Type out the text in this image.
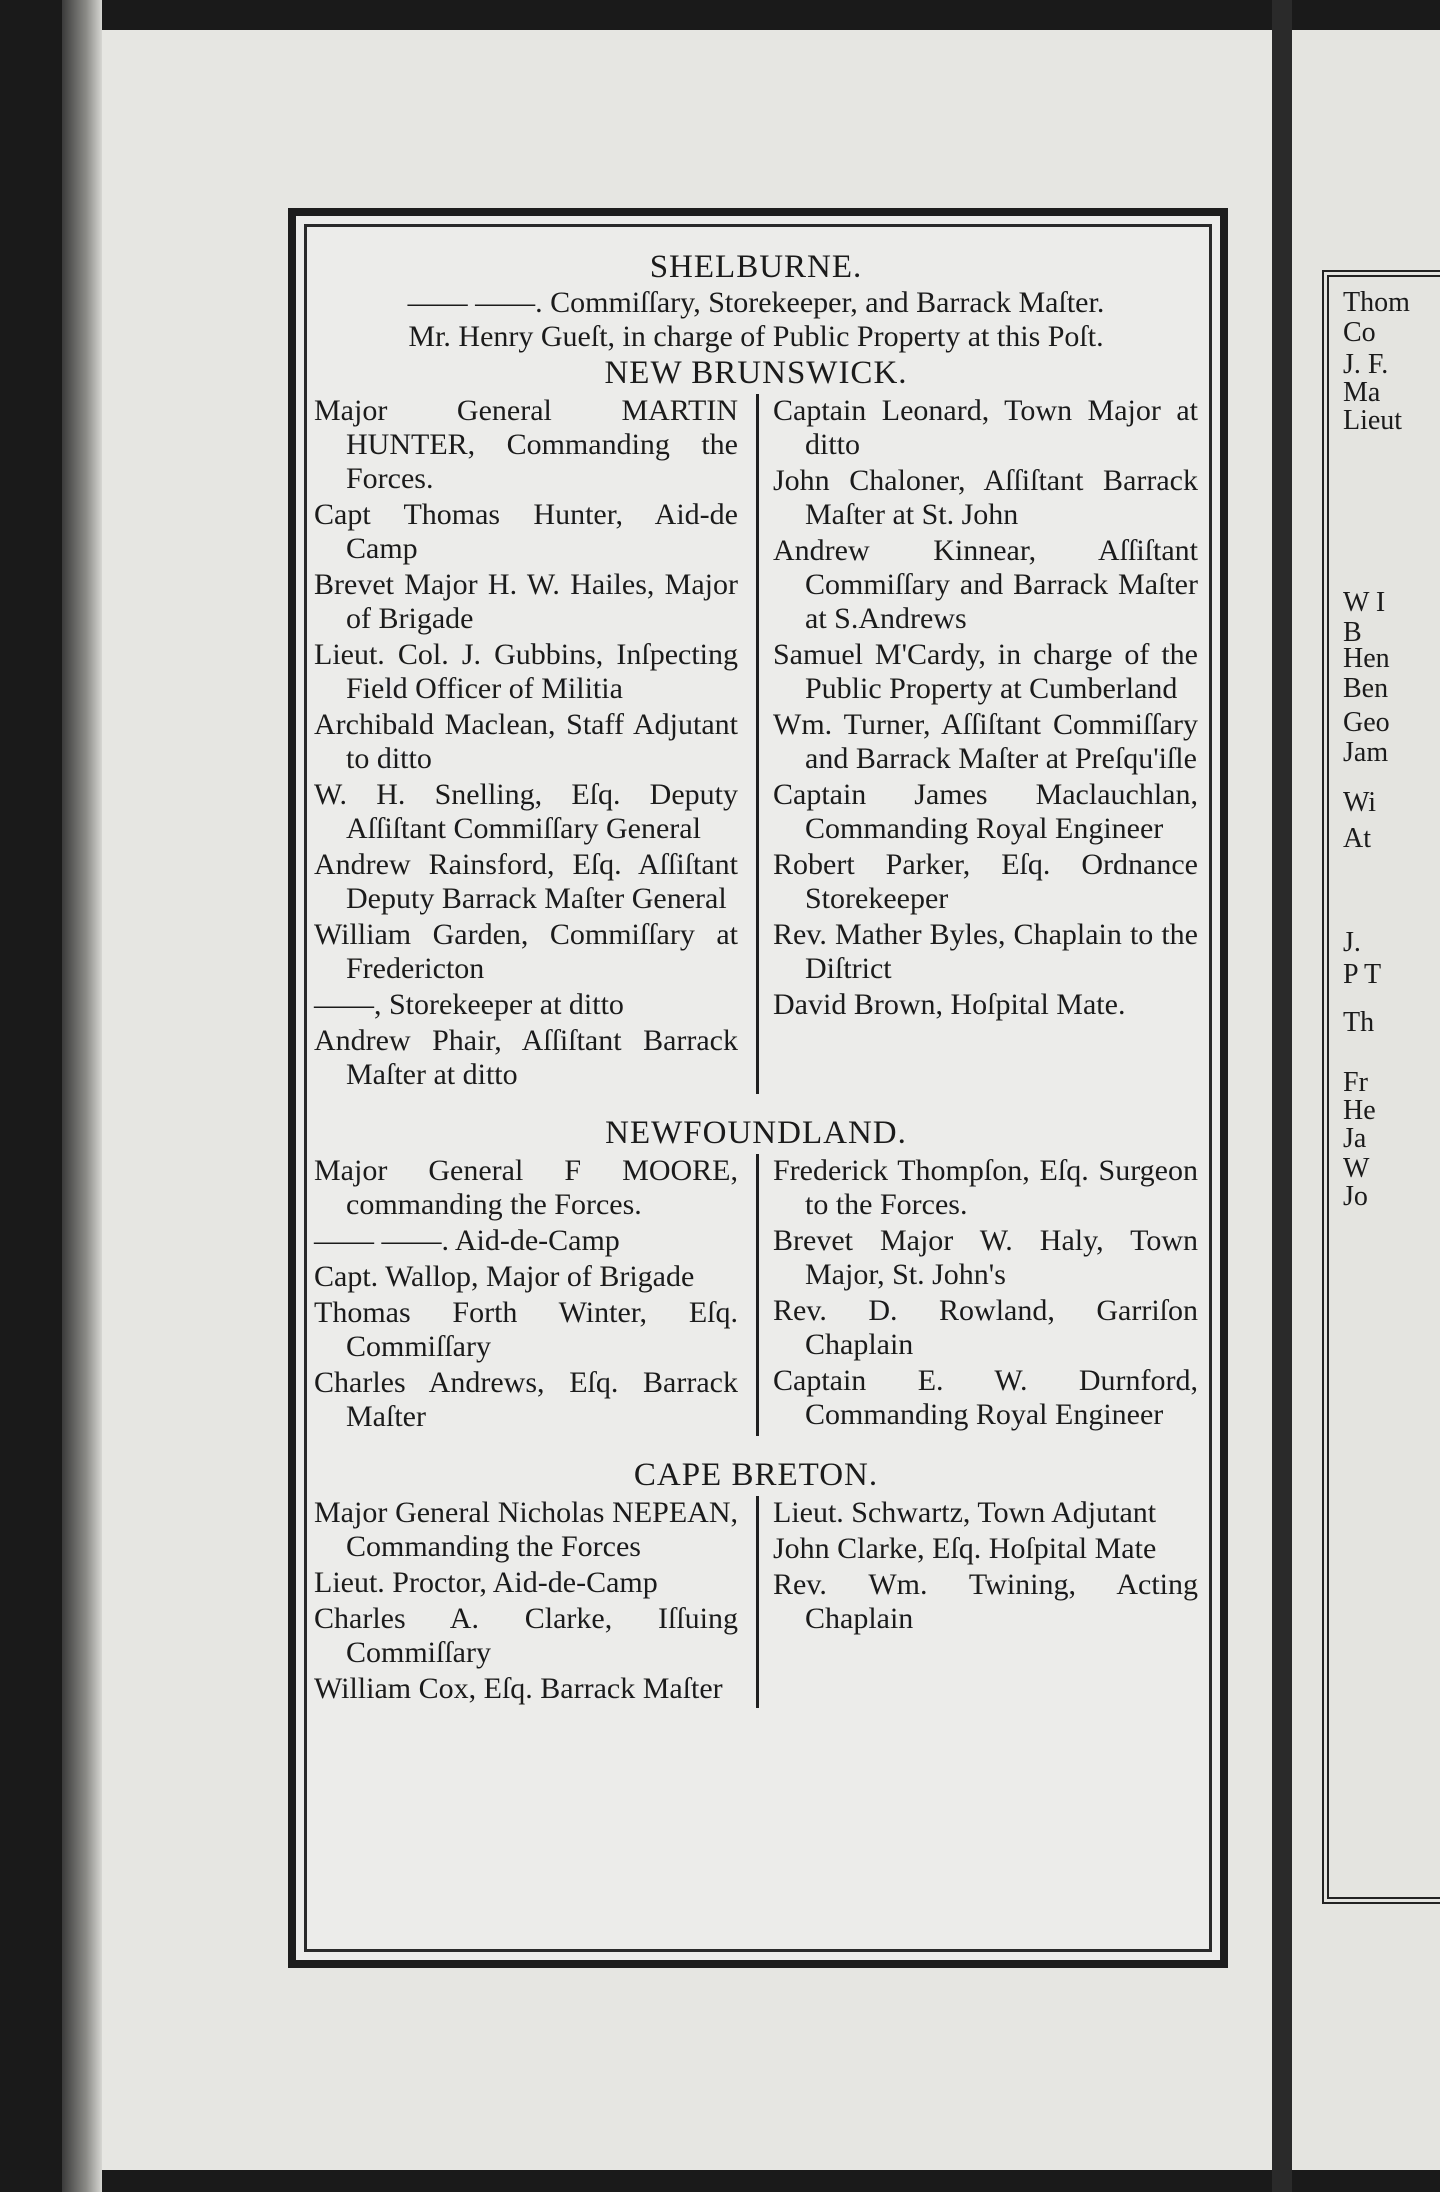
Thom
Co
J. F.
Ma
Lieut
W I
B
Hen
Ben
Geo
Jam
Wi
At
J.
P T
Th
Fr
He
Ja
W
Jo

SHELBURNE.

—— ——. Commiſſary, Storekeeper, and Barrack Maſter.

Mr. Henry Gueſt, in charge of Public Property at this Poſt.

NEW BRUNSWICK.

Major General MARTIN HUNTER, Commanding the Forces.

Capt Thomas Hunter, Aid-de Camp

Brevet Major H. W. Hailes, Major of Brigade

Lieut. Col. J. Gubbins, Inſpecting Field Officer of Militia

Archibald Maclean, Staff Adjutant to ditto

W. H. Snelling, Eſq. Deputy Aſſiſtant Commiſſary General

Andrew Rainsford, Eſq. Aſſiſtant Deputy Barrack Maſter General

William Garden, Commiſſary at Fredericton

——, Storekeeper at ditto

Andrew Phair, Aſſiſtant Barrack Maſter at ditto

Captain Leonard, Town Major at ditto

John Chaloner, Aſſiſtant Barrack Maſter at St. John

Andrew Kinnear, Aſſiſtant Commiſſary and Barrack Maſter at S.Andrews

Samuel M'Cardy, in charge of the Public Property at Cumberland

Wm. Turner, Aſſiſtant Commiſſary and Barrack Maſter at Preſqu'iſle

Captain James Maclauchlan, Commanding Royal Engineer

Robert Parker, Eſq. Ordnance Storekeeper

Rev. Mather Byles, Chaplain to the Diſtrict

David Brown, Hoſpital Mate.

NEWFOUNDLAND.

Major General F MOORE, commanding the Forces.

—— ——. Aid-de-Camp

Capt. Wallop, Major of Brigade

Thomas Forth Winter, Eſq. Commiſſary

Charles Andrews, Eſq. Barrack Maſter

Frederick Thompſon, Eſq. Surgeon to the Forces.

Brevet Major W. Haly, Town Major, St. John's

Rev. D. Rowland, Garriſon Chaplain

Captain E. W. Durnford, Commanding Royal Engineer

CAPE BRETON.

Major General Nicholas NEPEAN, Commanding the Forces

Lieut. Proctor, Aid-de-Camp

Charles A. Clarke, Iſſuing Commiſſary

William Cox, Eſq. Barrack Maſter

Lieut. Schwartz, Town Adjutant

John Clarke, Eſq. Hoſpital Mate

Rev. Wm. Twining, Acting Chaplain
